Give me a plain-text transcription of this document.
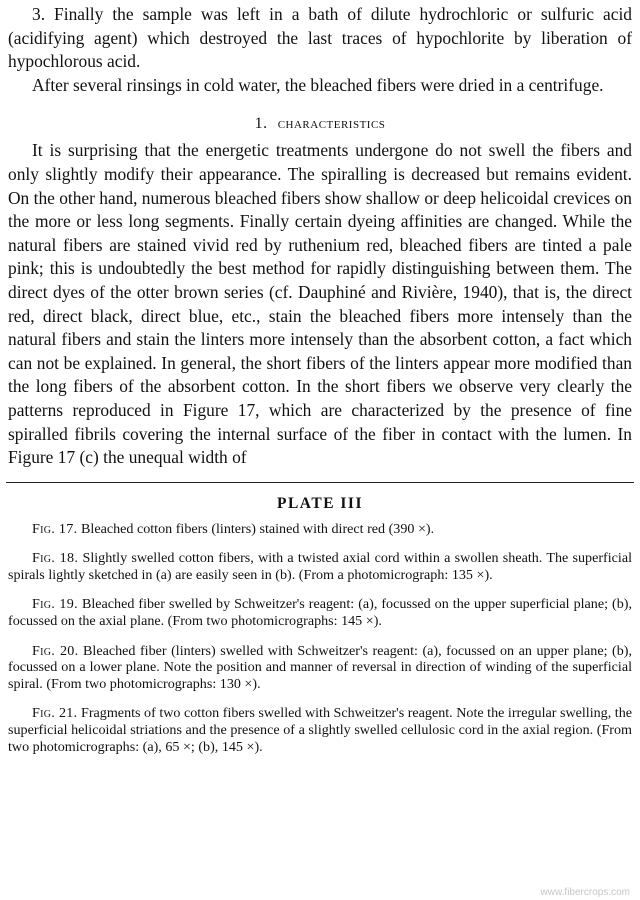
3. Finally the sample was left in a bath of dilute hydrochloric or sulfuric acid (acidifying agent) which destroyed the last traces of hypochlorite by liberation of hypochlorous acid.

After several rinsings in cold water, the bleached fibers were dried in a centrifuge.

1. characteristics

It is surprising that the energetic treatments undergone do not swell the fibers and only slightly modify their appearance. The spiralling is decreased but remains evident. On the other hand, numerous bleached fibers show shallow or deep helicoidal crevices on the more or less long segments. Finally certain dyeing affinities are changed. While the natural fibers are stained vivid red by ruthenium red, bleached fibers are tinted a pale pink; this is undoubtedly the best method for rapidly distinguishing between them. The direct dyes of the otter brown series (cf. Dauphiné and Rivière, 1940), that is, the direct red, direct black, direct blue, etc., stain the bleached fibers more intensely than the natural fibers and stain the linters more intensely than the absorbent cotton, a fact which can not be explained. In general, the short fibers of the linters appear more modified than the long fibers of the absorbent cotton. In the short fibers we observe very clearly the patterns reproduced in Figure 17, which are characterized by the presence of fine spiralled fibrils covering the internal surface of the fiber in contact with the lumen. In Figure 17 (c) the unequal width of

PLATE III

Fig. 17. Bleached cotton fibers (linters) stained with direct red (390 ×).

Fig. 18. Slightly swelled cotton fibers, with a twisted axial cord within a swollen sheath. The superficial spirals lightly sketched in (a) are easily seen in (b). (From a photomicrograph: 135 ×).

Fig. 19. Bleached fiber swelled by Schweitzer's reagent: (a), focussed on the upper superficial plane; (b), focussed on the axial plane. (From two photomicrographs: 145 ×).

Fig. 20. Bleached fiber (linters) swelled with Schweitzer's reagent: (a), focussed on an upper plane; (b), focussed on a lower plane. Note the position and manner of reversal in direction of winding of the superficial spiral. (From two photomicrographs: 130 ×).

Fig. 21. Fragments of two cotton fibers swelled with Schweitzer's reagent. Note the irregular swelling, the superficial helicoidal striations and the presence of a slightly swelled cellulosic cord in the axial region. (From two photomicrographs: (a), 65 ×; (b), 145 ×).

www.fibercrops.com
